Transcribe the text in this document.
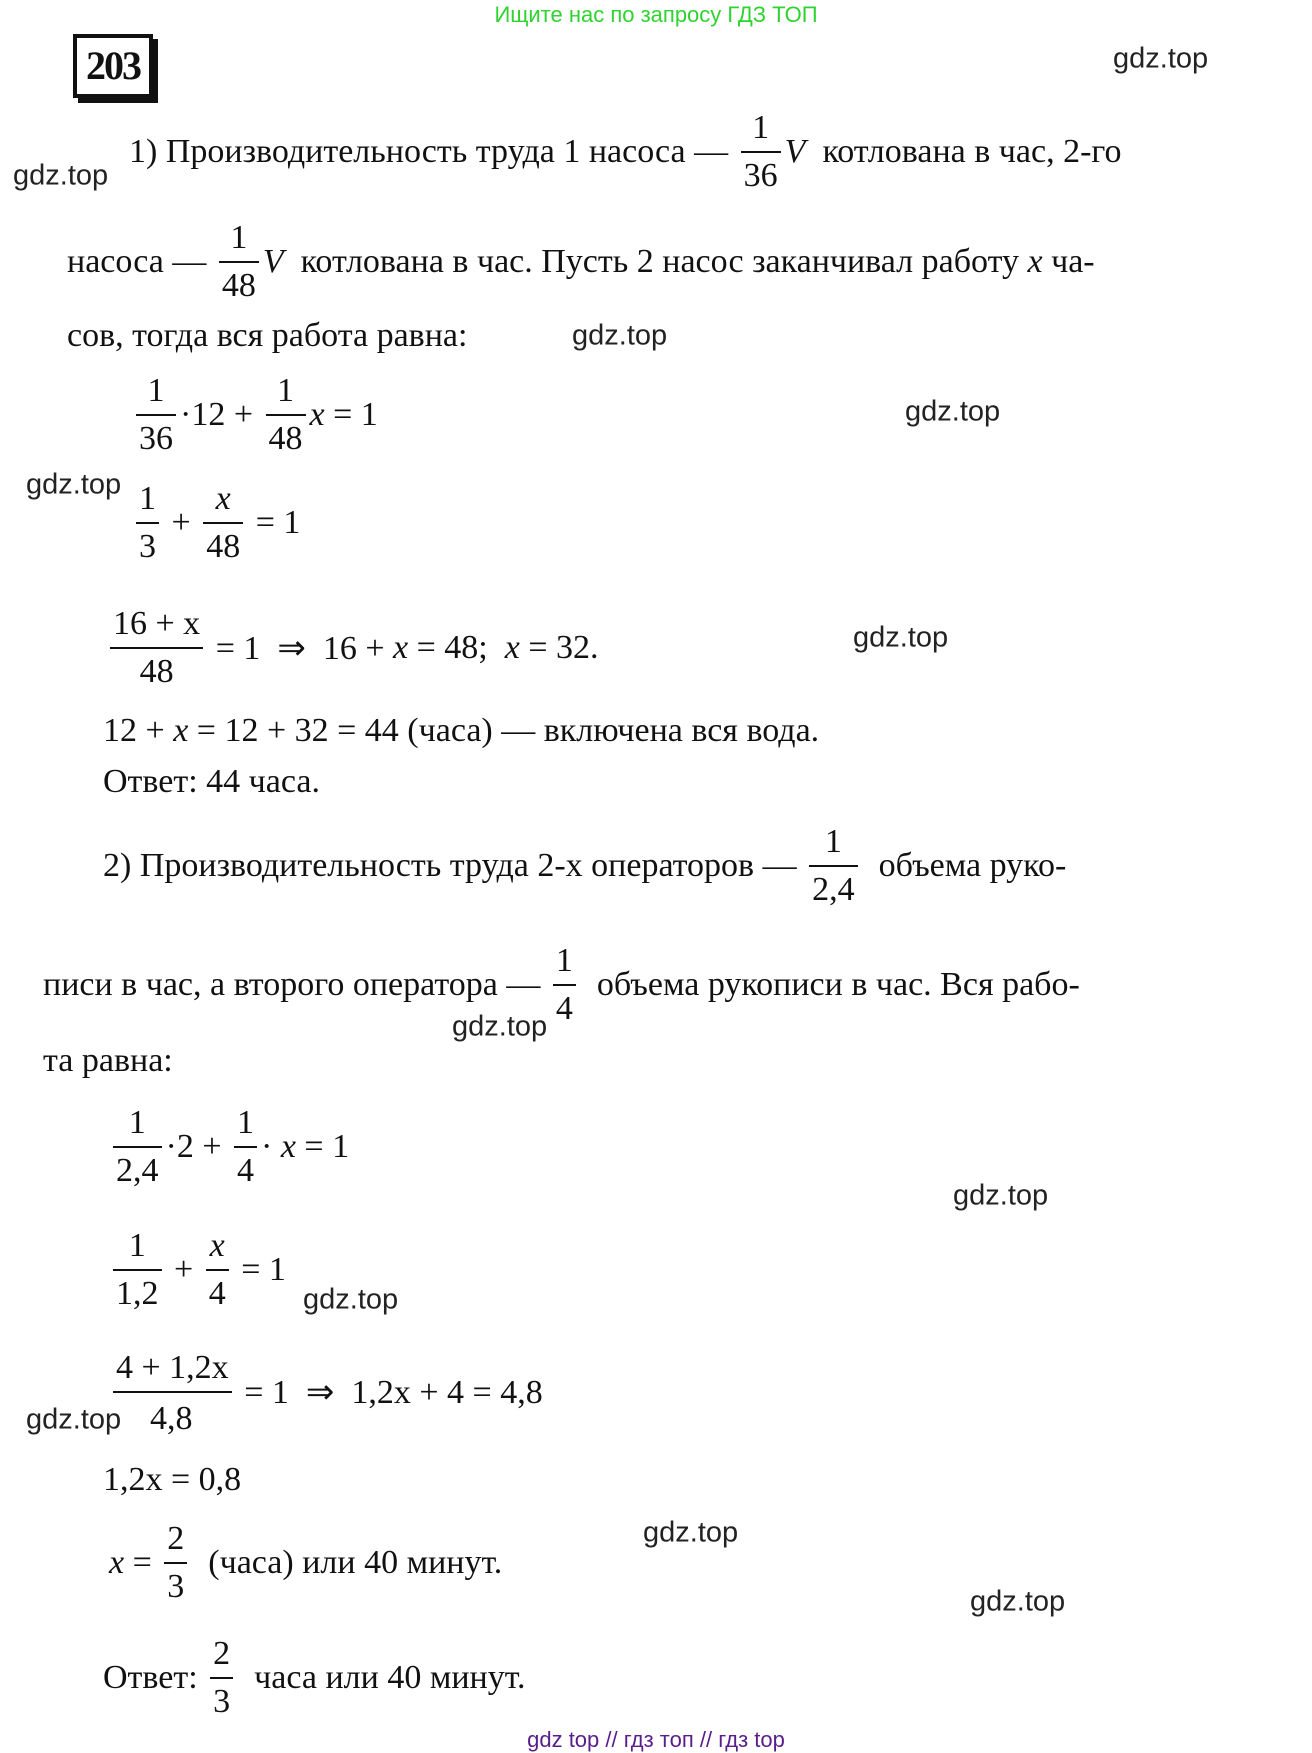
Ищите нас по запросу ГДЗ ТОП
203	gdz.top
gdz.top
gdz.top
gdz.top
gdz.top
gdz.top
gdz.top
gdz.top
gdz.top
gdz.top
gdz.top
gdz.top
1) Производительность труда 1 насоса — $\frac{1}{36}$ V котлована в час, 2-го
насоса — $\frac{1}{48}$ V котлована в час. Пусть 2 насос заканчивал работу x ча-
сов, тогда вся работа равна:
$\frac{1}{36} \cdot 12 + \frac{1}{48}$ x = 1
$\frac{1}{3} + \frac{x}{48} = 1$
$\frac{16 + x}{48} = 1$  ⇒  16 + x = 48; x = 32.
12 + x = 12 + 32 = 44 (часа) — включена вся вода.
Ответ: 44 часа.
2) Производительность труда 2-х операторов — $\frac{1}{2,4}$ объема руко-
писи в час, а второго оператора — $\frac{1}{4}$ объема рукописи в час. Вся рабо-
та равна:
$\frac{1}{2,4} \cdot 2 + \frac{1}{4} \cdot x = 1$
$\frac{1}{1,2} + \frac{x}{4} = 1$
4 + 1,2x
= 1  ⇒  1,2x + 4 = 4,8
4,8
1,2x = 0,8
$x = \frac{2}{3}$ (часа) или 40 минут.
Ответ: $\frac{2}{3}$ часа или 40 минут.
gdz top // гдз топ // гдз top
